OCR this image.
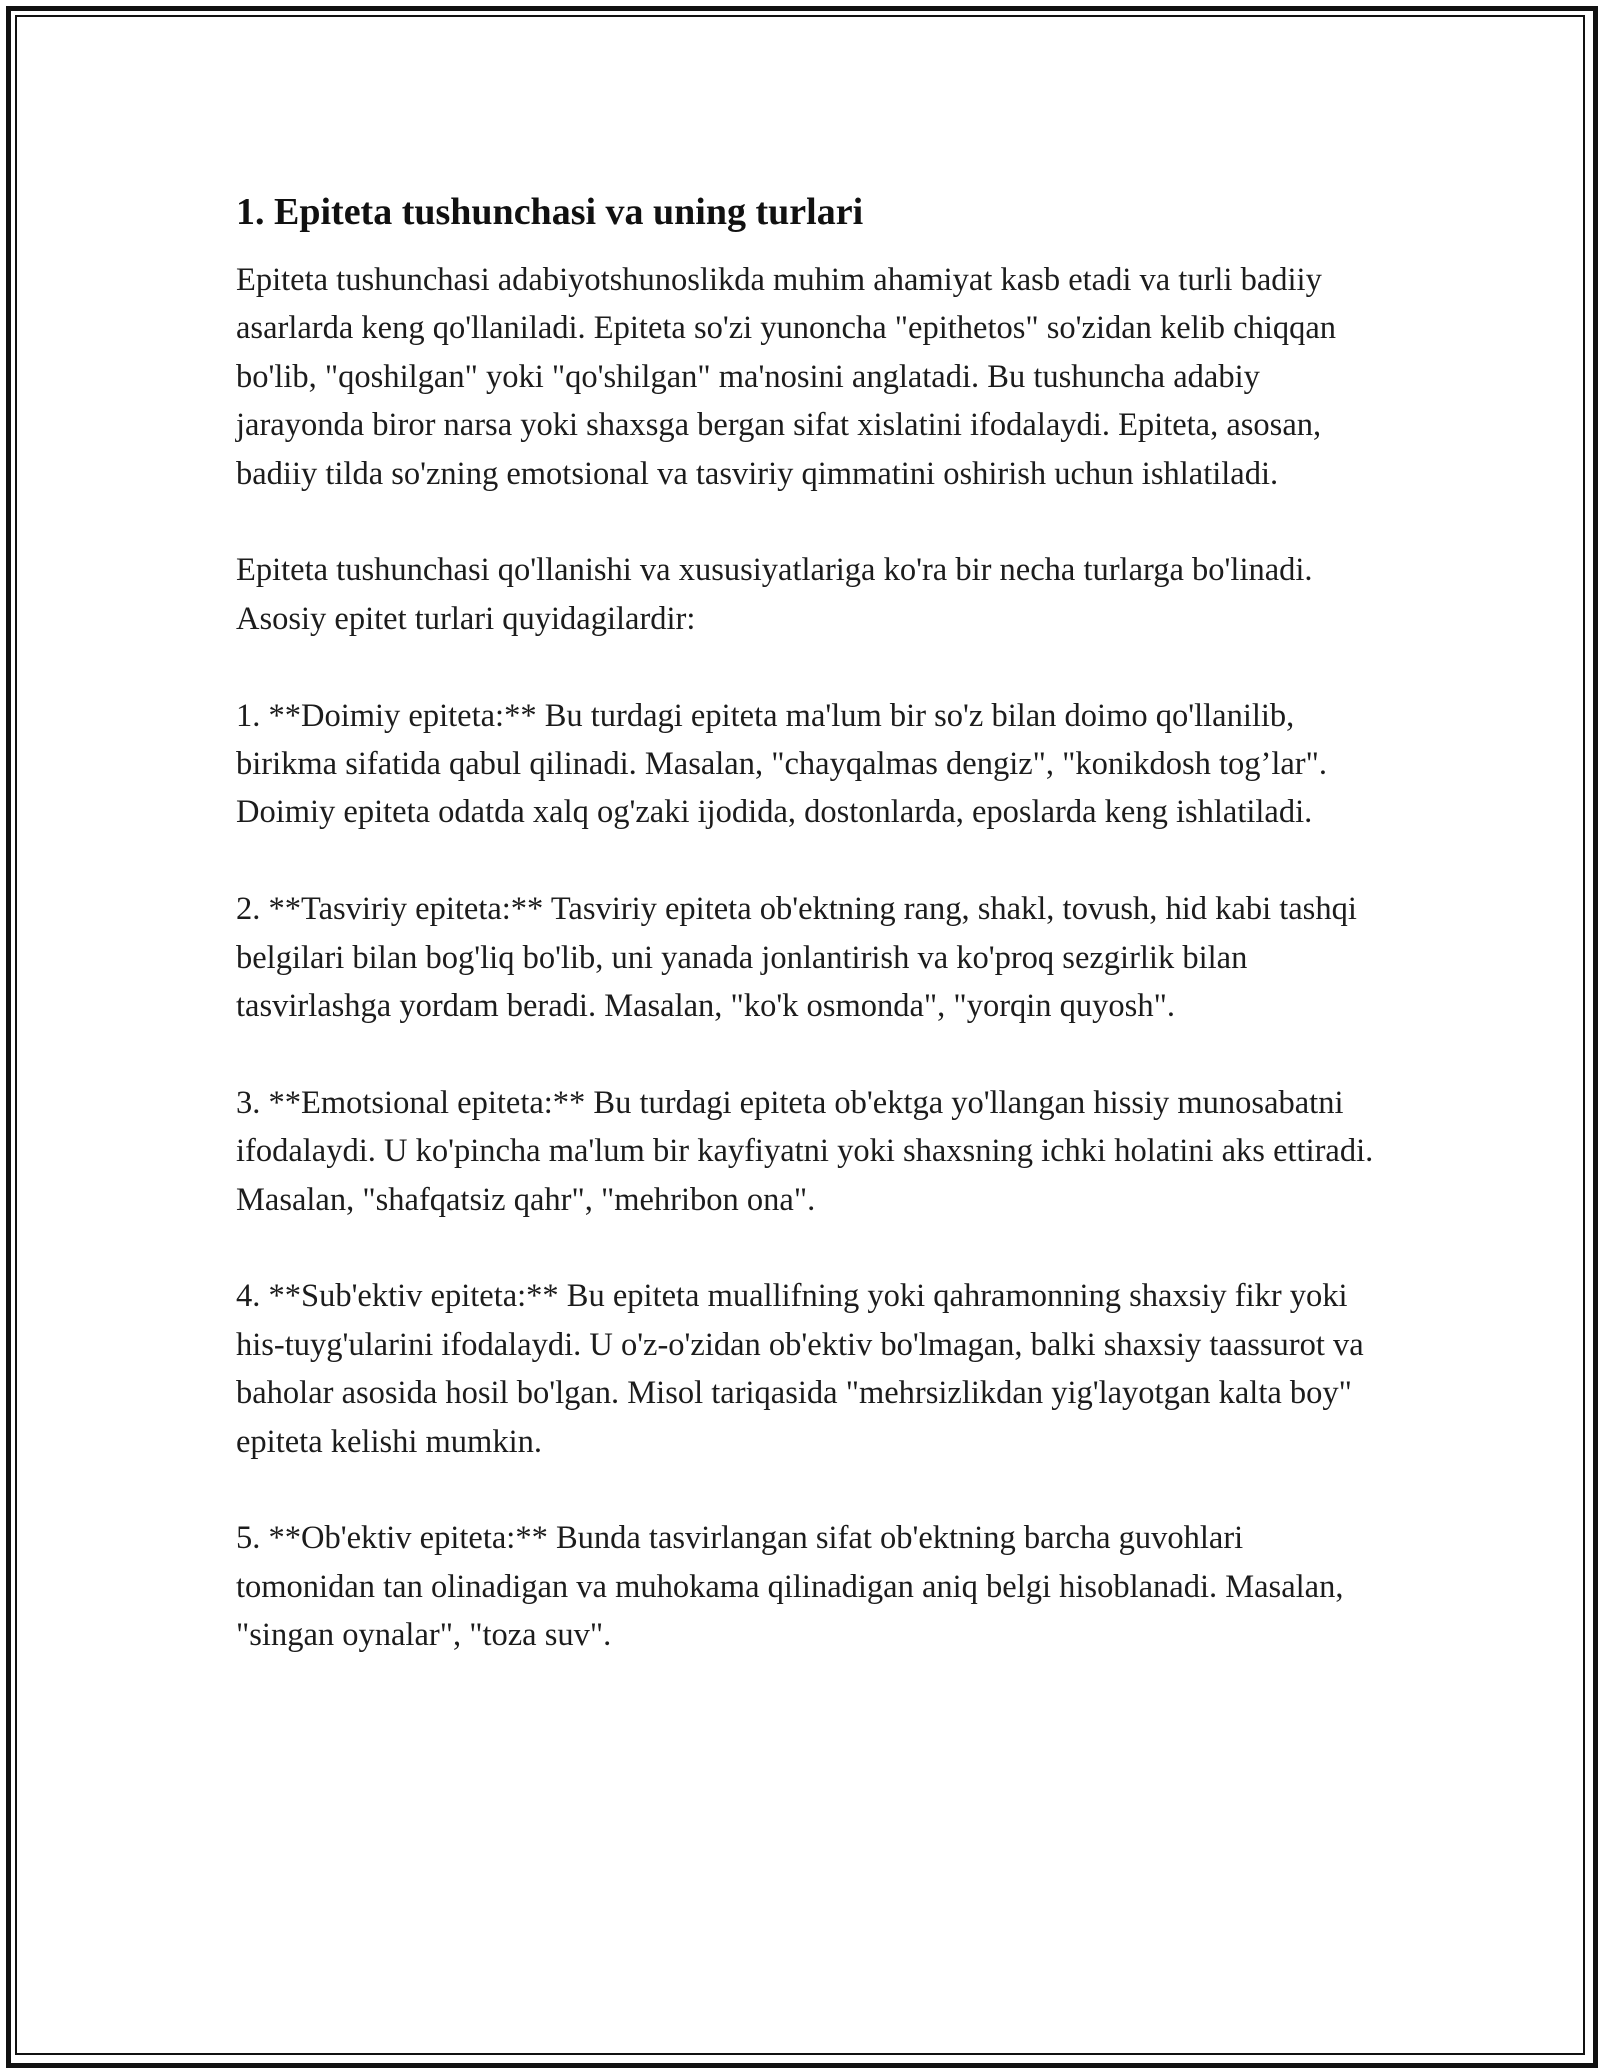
1. Epiteta tushunchasi va uning turlari

Epiteta tushunchasi adabiyotshunoslikda muhim ahamiyat kasb etadi va turli badiiy asarlarda keng qo'llaniladi. Epiteta so'zi yunoncha "epithetos" so'zidan kelib chiqqan bo'lib, "qoshilgan" yoki "qo'shilgan" ma'nosini anglatadi. Bu tushuncha adabiy jarayonda biror narsa yoki shaxsga bergan sifat xislatini ifodalaydi. Epiteta, asosan, badiiy tilda so'zning emotsional va tasviriy qimmatini oshirish uchun ishlatiladi.

Epiteta tushunchasi qo'llanishi va xususiyatlariga ko'ra bir necha turlarga bo'linadi. Asosiy epitet turlari quyidagilardir:

1. **Doimiy epiteta:** Bu turdagi epiteta ma'lum bir so'z bilan doimo qo'llanilib, birikma sifatida qabul qilinadi. Masalan, "chayqalmas dengiz", "konikdosh tog’lar". Doimiy epiteta odatda xalq og'zaki ijodida, dostonlarda, eposlarda keng ishlatiladi.

2. **Tasviriy epiteta:** Tasviriy epiteta ob'ektning rang, shakl, tovush, hid kabi tashqi belgilari bilan bog'liq bo'lib, uni yanada jonlantirish va ko'proq sezgirlik bilan tasvirlashga yordam beradi. Masalan, "ko'k osmonda", "yorqin quyosh".

3. **Emotsional epiteta:** Bu turdagi epiteta ob'ektga yo'llangan hissiy munosabatni ifodalaydi. U ko'pincha ma'lum bir kayfiyatni yoki shaxsning ichki holatini aks ettiradi. Masalan, "shafqatsiz qahr", "mehribon ona".

4. **Sub'ektiv epiteta:** Bu epiteta muallifning yoki qahramonning shaxsiy fikr yoki his-tuyg'ularini ifodalaydi. U o'z-o'zidan ob'ektiv bo'lmagan, balki shaxsiy taassurot va baholar asosida hosil bo'lgan. Misol tariqasida "mehrsizlikdan yig'layotgan kalta boy" epiteta kelishi mumkin.

5. **Ob'ektiv epiteta:** Bunda tasvirlangan sifat ob'ektning barcha guvohlari tomonidan tan olinadigan va muhokama qilinadigan aniq belgi hisoblanadi. Masalan, "singan oynalar", "toza suv".
